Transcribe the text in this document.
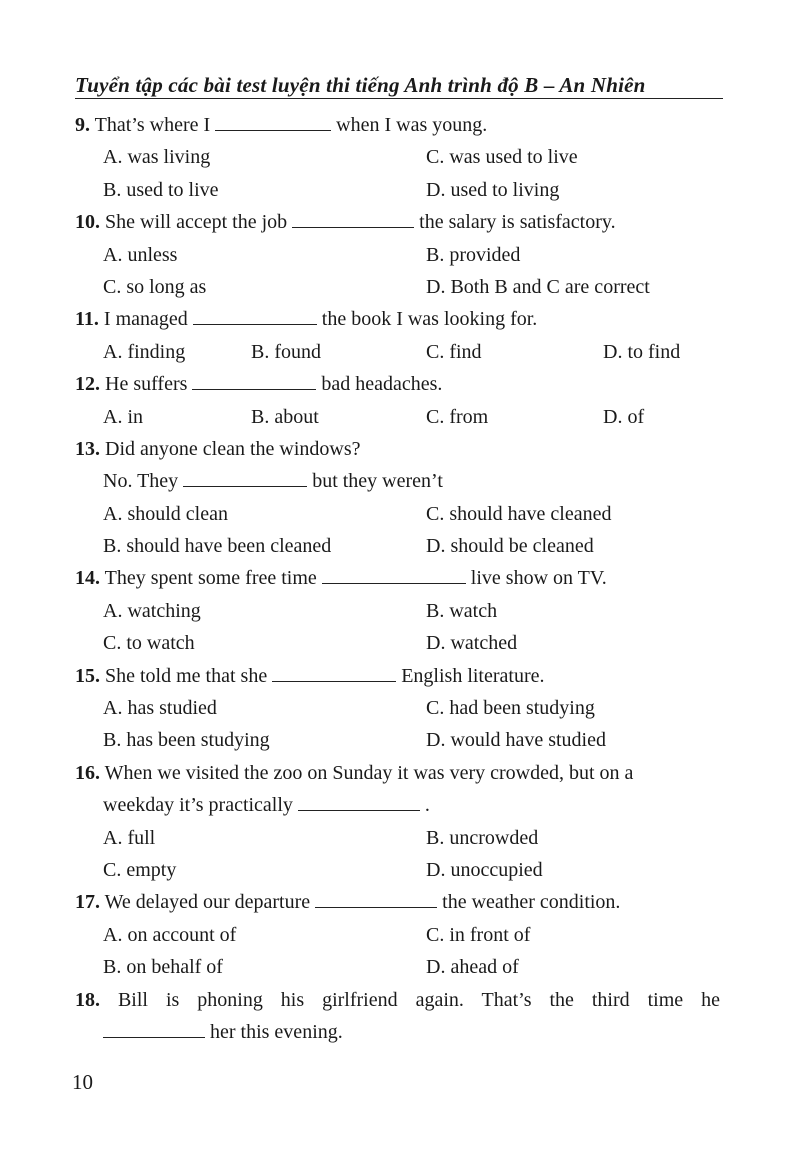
Tuyển tập các bài test luyện thi tiếng Anh trình độ B – An Nhiên
9. That’s where I	when I was young.
A. was living	C. was used to live
B. used to live	D. used to living
10. She will accept the job	the salary is satisfactory.
A. unless	B. provided
C. so long as	D. Both B and C are correct
11. I managed	the book I was looking for.
A. finding	B. found	C. find	D. to find
12. He suffers	bad headaches.
A. in	B. about	C. from	D. of
13. Did anyone clean the windows?
No. They	but they weren’t
A. should clean	C. should have cleaned
B. should have been cleaned	D. should be cleaned
14. They spent some free time	live show on TV.
A. watching	B. watch
C. to watch	D. watched
15. She told me that she	English literature.
A. has studied	C. had been studying
B. has been studying	D. would have studied
16. When we visited the zoo on Sunday it was very crowded, but on a
weekday it’s practically	.
A. full	B. uncrowded
C. empty	D. unoccupied
17. We delayed our departure	the weather condition.
A. on account of	C. in front of
B. on behalf of	D. ahead of
18. Bill is phoning his girlfriend again. That’s the third time he
her this evening.
10
